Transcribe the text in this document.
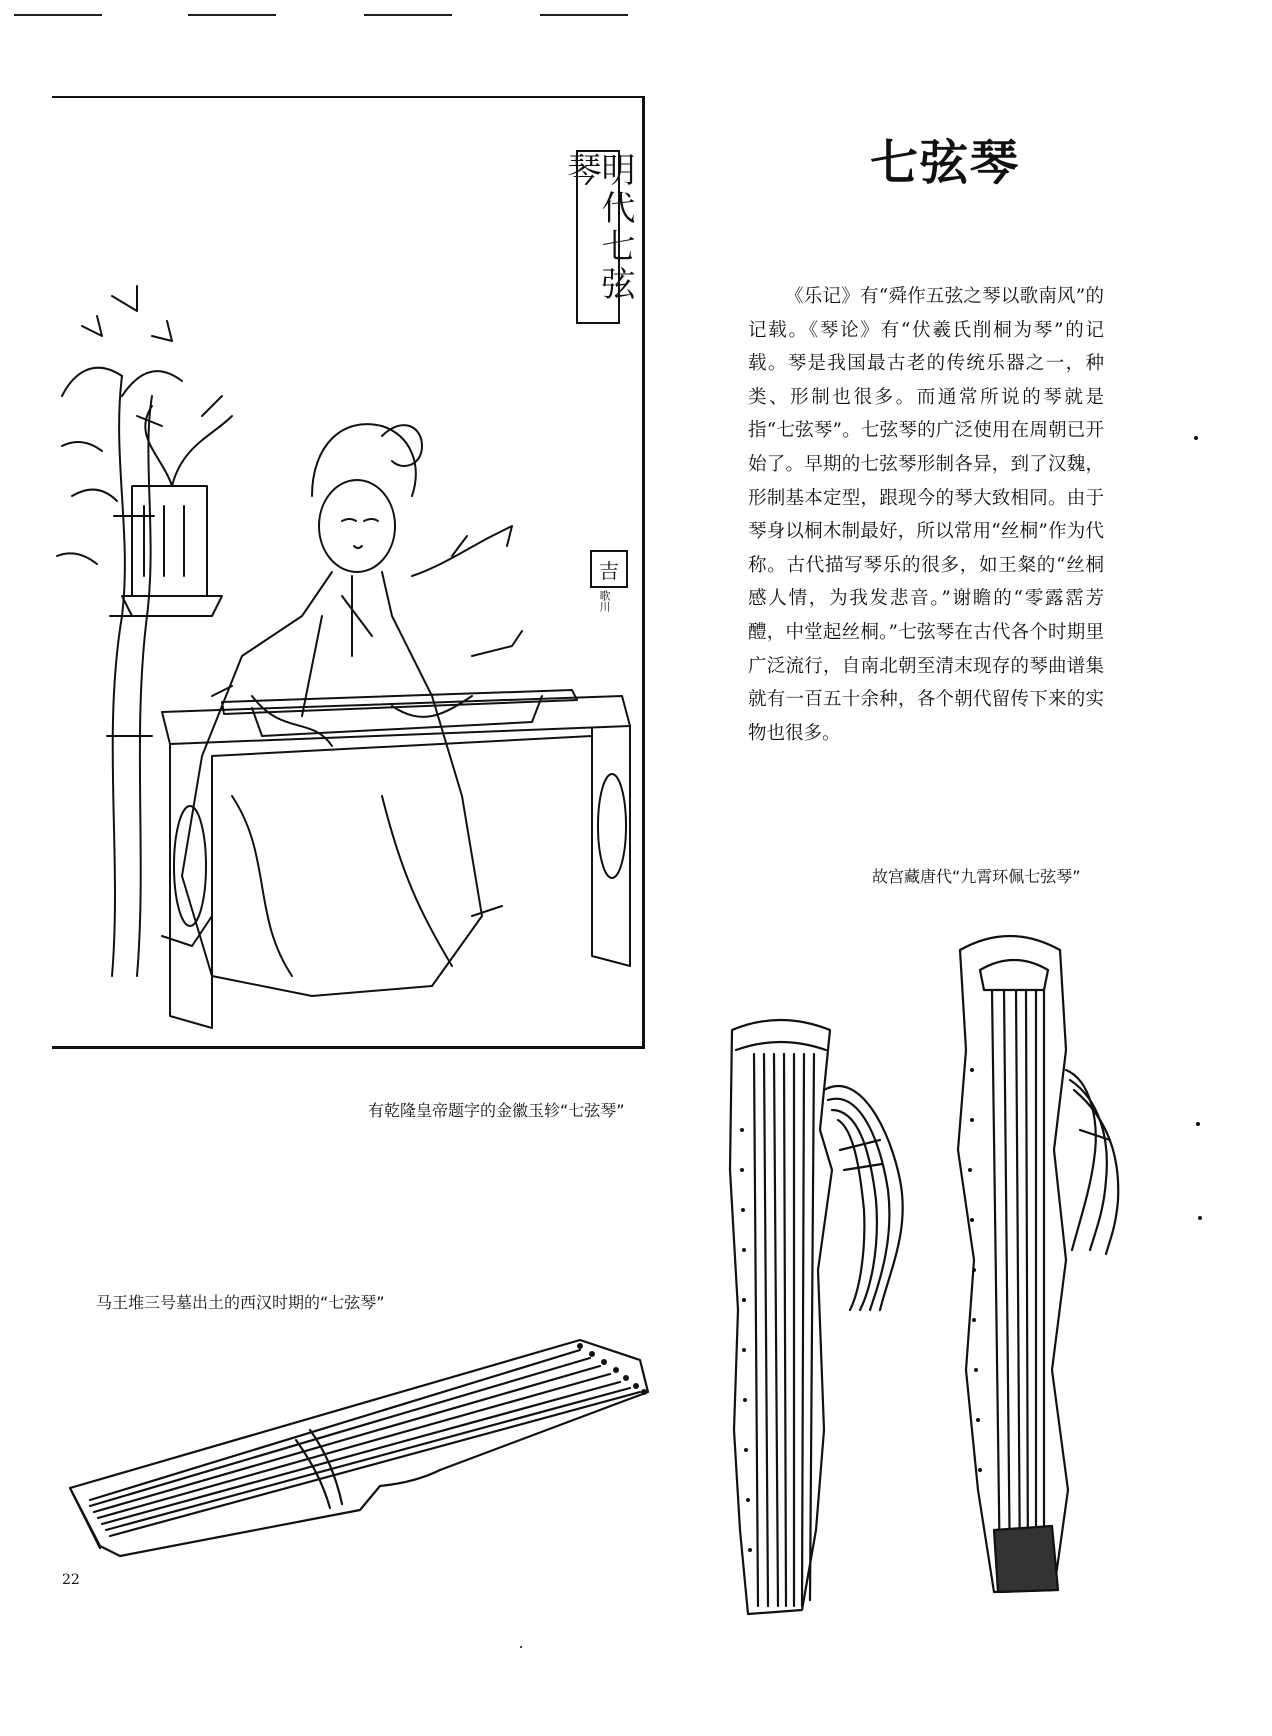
明代七弦琴
吉
歌川
七弦琴
《乐记》有“舜作五弦之琴以歌南风”的记载。《琴论》有“伏羲氏削桐为琴”的记载。琴是我国最古老的传统乐器之一，种类、形制也很多。而通常所说的琴就是指“七弦琴”。七弦琴的广泛使用在周朝已开始了。早期的七弦琴形制各异，到了汉魏，形制基本定型，跟现今的琴大致相同。由于琴身以桐木制最好，所以常用“丝桐”作为代称。古代描写琴乐的很多，如王粲的“丝桐感人情，为我发悲音。”谢瞻的“零露霑芳醴，中堂起丝桐。”七弦琴在古代各个时期里广泛流行，自南北朝至清末现存的琴曲谱集就有一百五十余种，各个朝代留传下来的实物也很多。
故宫藏唐代“九霄环佩七弦琴”
有乾隆皇帝题字的金徽玉轸“七弦琴”
马王堆三号墓出土的西汉时期的“七弦琴”
22
